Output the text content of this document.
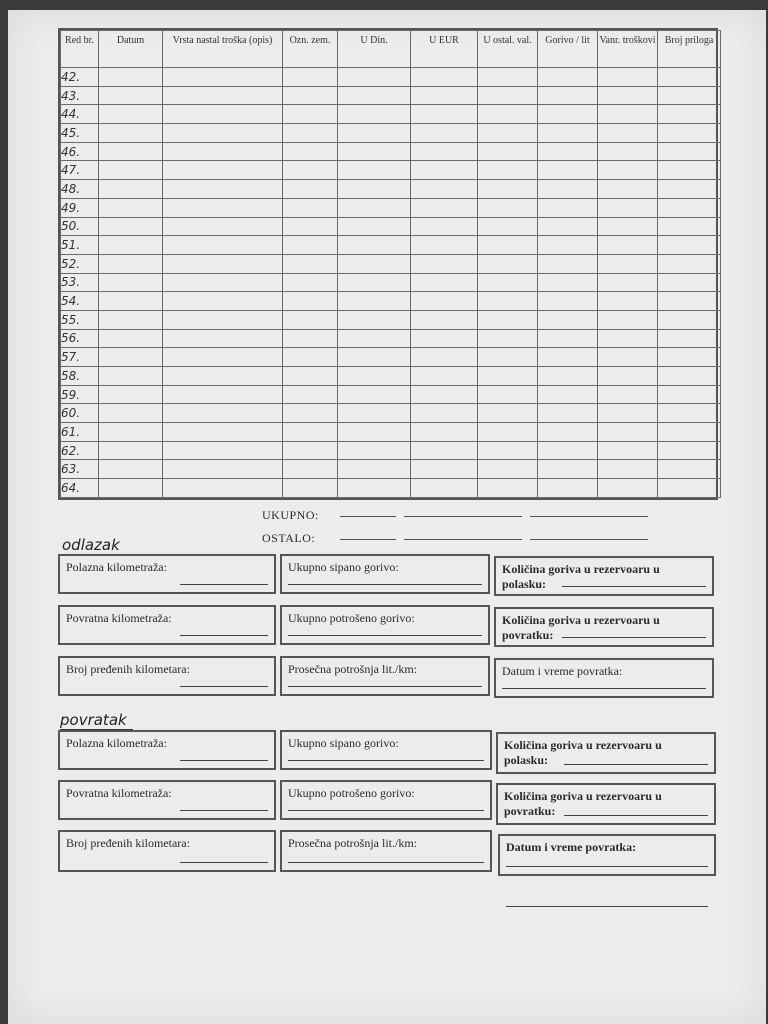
Red br.	Datum	Vrsta nastal troška (opis)	Ozn. zem.	U Din.	U EUR	U ostal. val.	Gorivo / lit	Vanr. troškovi	Broj priloga
42.									
43.									
44.									
45.									
46.									
47.									
48.									
49.									
50.									
51.									
52.									
53.									
54.									
55.									
56.									
57.									
58.									
59.									
60.									
61.									
62.									
63.									
64.									
UKUPNO:
OSTALO:
odlazak
Polazna kilometraža:	Ukupno sipano gorivo:	Količina goriva u rezervoaru u polasku:
Povratna kilometraža:	Ukupno potrošeno gorivo:	Količina goriva u rezervoaru u povratku:
Broj pređenih kilometara:	Prosečna potrošnja lit./km:	Datum i vreme povratka:
povratak
Polazna kilometraža:	Ukupno sipano gorivo:	Količina goriva u rezervoaru u polasku:
Povratna kilometraža:	Ukupno potrošeno gorivo:	Količina goriva u rezervoaru u povratku:
Broj pređenih kilometara:	Prosečna potrošnja lit./km:	Datum i vreme povratka:
